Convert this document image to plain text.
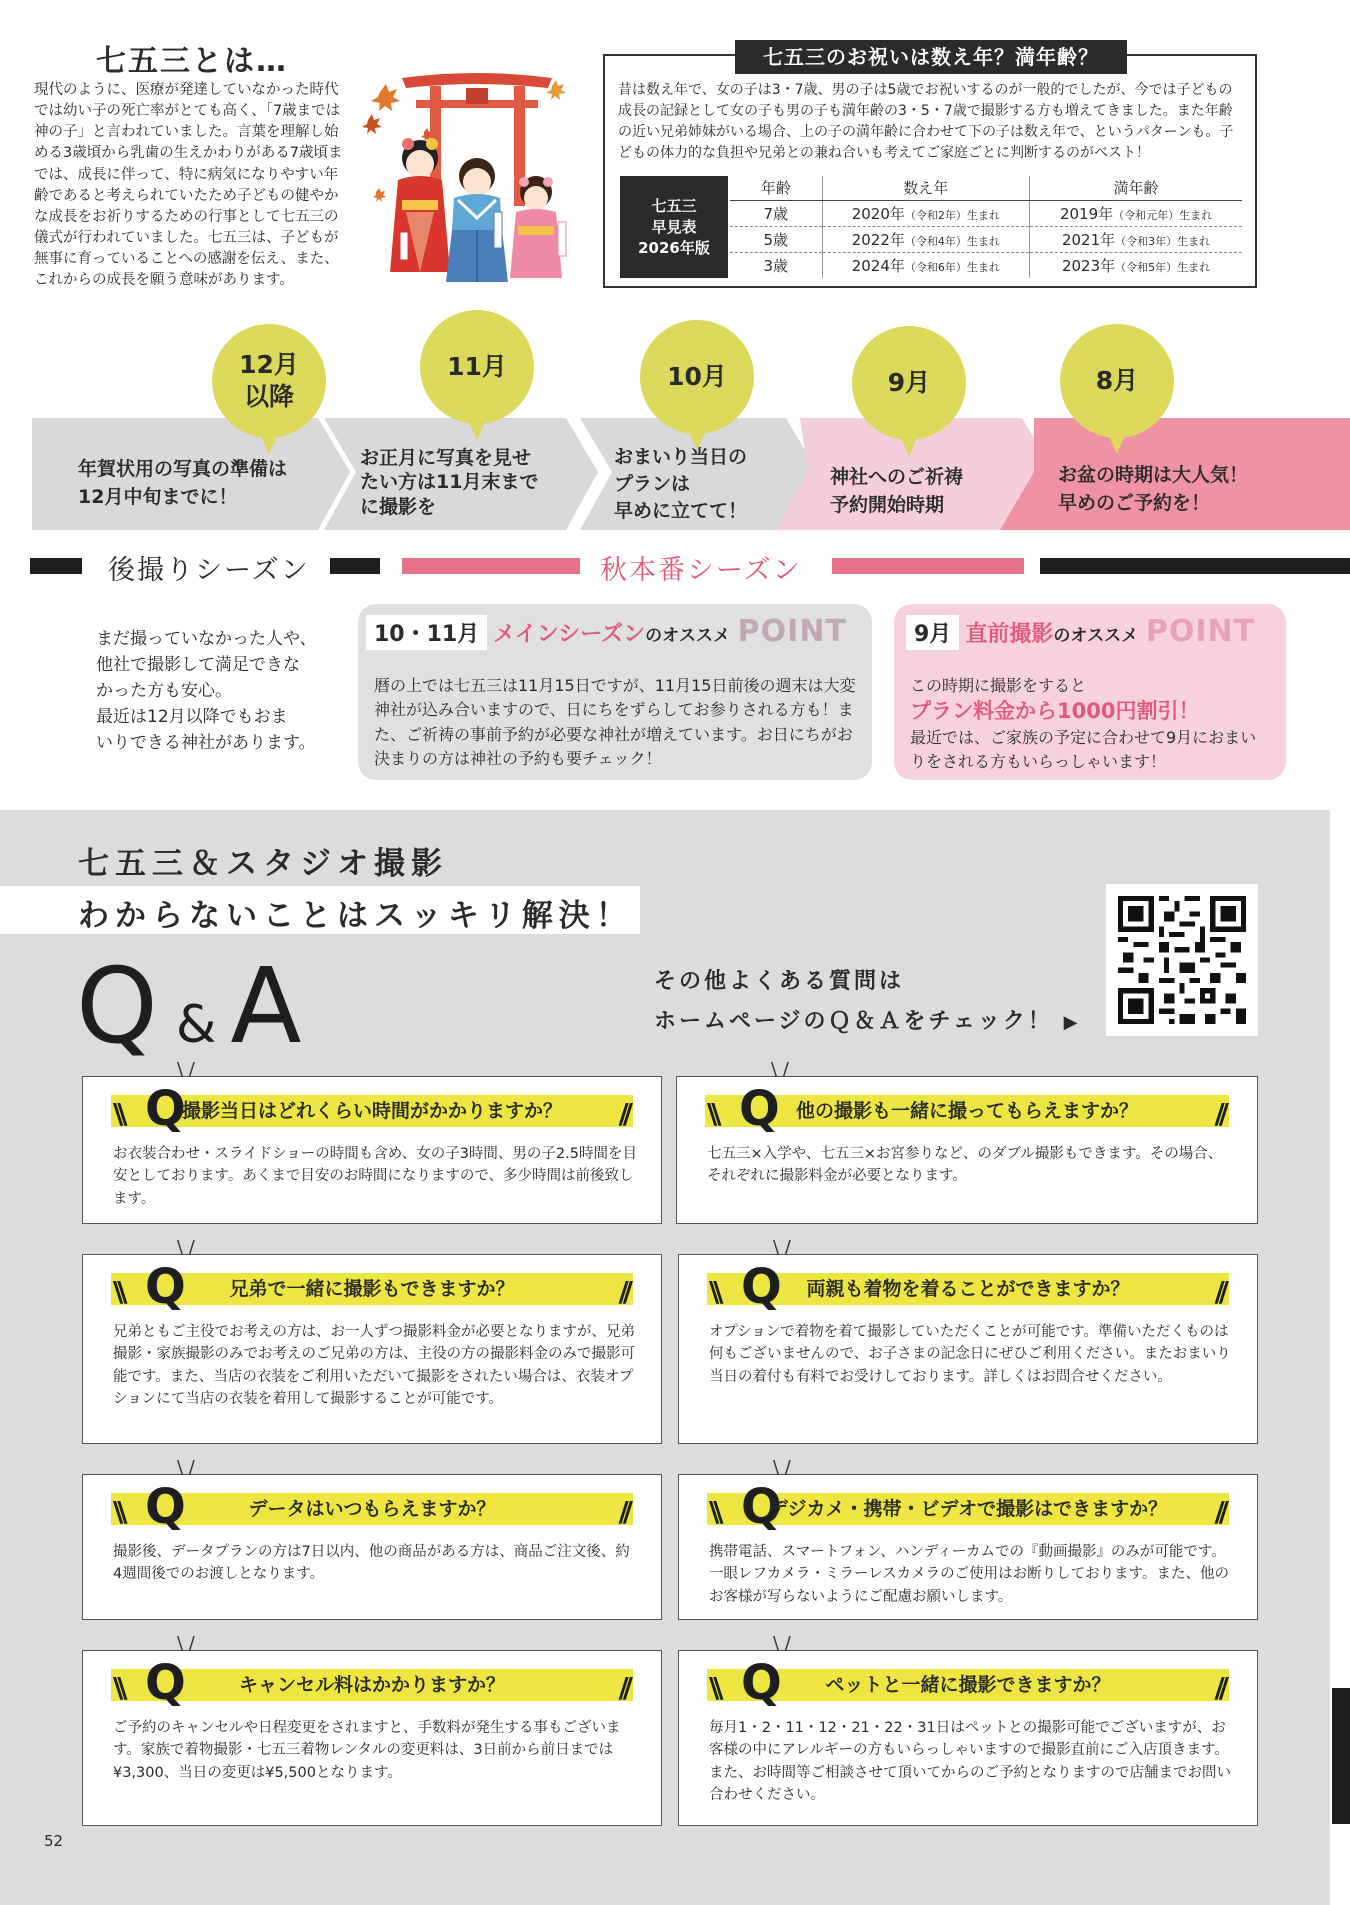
七五三とは…

現代のように、医療が発達していなかった時代では幼い子の死亡率がとても高く、「7歳までは神の子」と言われていました。言葉を理解し始める3歳頃から乳歯の生えかわりがある7歳頃までは、成長に伴って、特に病気になりやすい年齢であると考えられていたため子どもの健やかな成長をお祈りするための行事として七五三の儀式が行われていました。七五三は、子どもが無事に育っていることへの感謝を伝え、また、これからの成長を願う意味があります。

七五三のお祝いは数え年？満年齢？

昔は数え年で、女の子は3・7歳、男の子は5歳でお祝いするのが一般的でしたが、今では子どもの成長の記録として女の子も男の子も満年齢の3・5・7歳で撮影する方も増えてきました。また年齢の近い兄弟姉妹がいる場合、上の子の満年齢に合わせて下の子は数え年で、というパターンも。子どもの体力的な負担や兄弟との兼ね合いも考えてご家庭ごとに判断するのがベスト！

七五三
早見表
2026年版
年齢	数え年	満年齢
7歳	2020年（令和2年）生まれ	2019年（令和元年）生まれ
5歳	2022年（令和4年）生まれ	2021年（令和3年）生まれ
3歳	2024年（令和6年）生まれ	2023年（令和5年）生まれ
12月
以降
11月	10月	9月	8月
年賀状用の写真の準備は
12月中旬までに！
お正月に写真を見せ
たい方は11月末まで
に撮影を
おまいり当日の
プランは
早めに立てて！
神社へのご祈祷
予約開始時期
お盆の時期は大人気！
早めのご予約を！
後撮りシーズン	秋本番シーズン
まだ撮っていなかった人や、
他社で撮影して満足できな
かった方も安心。
最近は12月以降でもおま
いりできる神社があります。
10・11月 メインシーズンのオススメ POINT

暦の上では七五三は11月15日ですが、11月15日前後の週末は大変神社が込み合いますので、日にちをずらしてお参りされる方も！また、ご祈祷の事前予約が必要な神社が増えています。お日にちがお決まりの方は神社の予約も要チェック！

9月 直前撮影のオススメ POINT
この時期に撮影をすると
プラン料金から1000円割引！
最近では、ご家族の予定に合わせて9月におまいりをされる方もいらっしゃいます！
七五三＆スタジオ撮影
わからないことはスッキリ解決！
Q & A	その他よくある質問は
ホームページのＱ＆Ａをチェック！ ▶
\ /
\\	//
Q
撮影当日はどれくらい時間がかかりますか？

お衣装合わせ・スライドショーの時間も含め、女の子3時間、男の子2.5時間を目安としております。あくまで目安のお時間になりますので、多少時間は前後致します。

\ /
\\	//
Q 他の撮影も一緒に撮ってもらえますか？

七五三×入学や、七五三×お宮参りなど、のダブル撮影もできます。その場合、それぞれに撮影料金が必要となります。

\ /
\\	//
Q	兄弟で一緒に撮影もできますか？

兄弟ともご主役でお考えの方は、お一人ずつ撮影料金が必要となりますが、兄弟撮影・家族撮影のみでお考えのご兄弟の方は、主役の方の撮影料金のみで撮影可能です。また、当店の衣装をご利用いただいて撮影をされたい場合は、衣装オプションにて当店の衣装を着用して撮影することが可能です。

\ /
\\	//
Q	両親も着物を着ることができますか？

オプションで着物を着て撮影していただくことが可能です。準備いただくものは何もございませんので、お子さまの記念日にぜひご利用ください。またおまいり当日の着付も有料でお受けしております。詳しくはお問合せください。

\ /
\\	//
Q	データはいつもらえますか？

撮影後、データプランの方は7日以内、他の商品がある方は、商品ご注文後、約4週間後でのお渡しとなります。

\ /
\\	//
Q
デジカメ・携帯・ビデオで撮影はできますか？

携帯電話、スマートフォン、ハンディーカムでの『動画撮影』のみが可能です。一眼レフカメラ・ミラーレスカメラのご使用はお断りしております。また、他のお客様が写らないようにご配慮お願いします。

\ /
\\	//
Q	キャンセル料はかかりますか？

ご予約のキャンセルや日程変更をされますと、手数料が発生する事もございます。家族で着物撮影・七五三着物レンタルの変更料は、3日前から前日までは¥3,300、当日の変更は¥5,500となります。

\ /
\\	//
Q	ペットと一緒に撮影できますか？

毎月1・2・11・12・21・22・31日はペットとの撮影可能でございますが、お客様の中にアレルギーの方もいらっしゃいますので撮影直前にご入店頂きます。また、お時間等ご相談させて頂いてからのご予約となりますので店舗までお問い合わせください。

52
